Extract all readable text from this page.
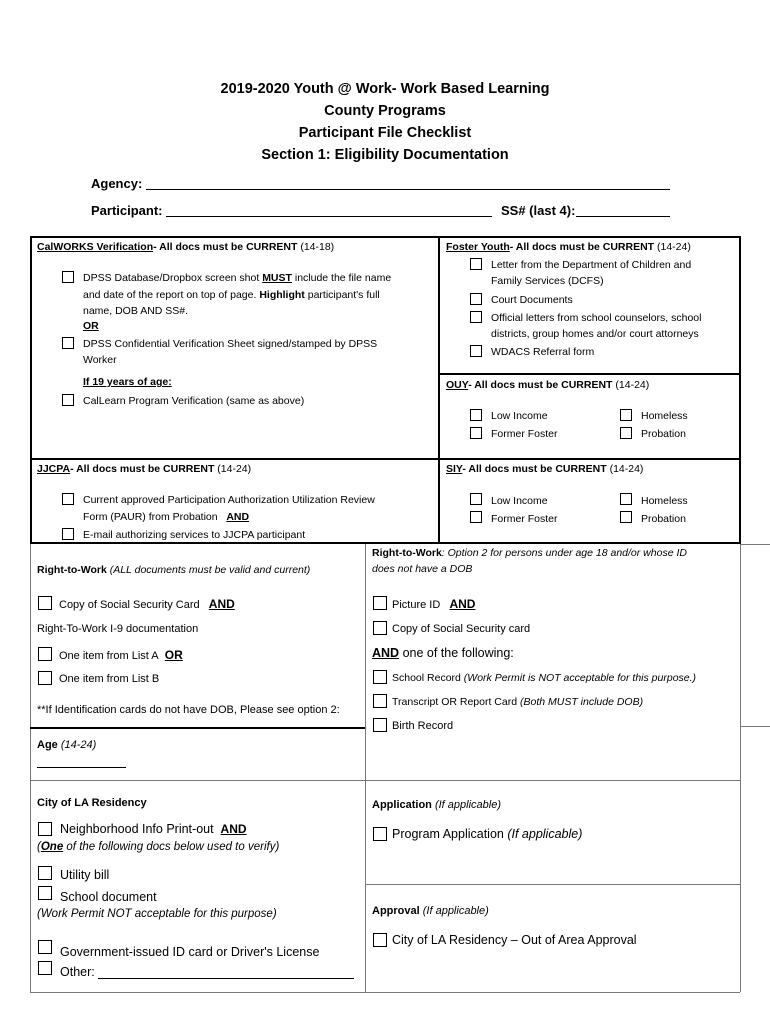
2019-2020 Youth @ Work- Work Based Learning
County Programs
Participant File Checklist
Section 1: Eligibility Documentation
Agency:
Participant:	SS# (last 4):
CalWORKS Verification- All docs must be CURRENT (14-18)
DPSS Database/Dropbox screen shot MUST include the file name
and date of the report on top of page. Highlight participant's full
name, DOB AND SS#.
OR
DPSS Confidential Verification Sheet signed/stamped by DPSS
Worker
If 19 years of age:
CalLearn Program Verification (same as above)
Foster Youth- All docs must be CURRENT (14-24)
Letter from the Department of Children and
Family Services (DCFS)
Court Documents
Official letters from school counselors, school
districts, group homes and/or court attorneys
WDACS Referral form
OUY- All docs must be CURRENT (14-24)
Low Income	Homeless
Former Foster	Probation
JJCPA- All docs must be CURRENT (14-24)
Current approved Participation Authorization Utilization Review
Form (PAUR) from Probation   AND
E-mail authorizing services to JJCPA participant
SIY- All docs must be CURRENT (14-24)
Low Income	Homeless
Former Foster	Probation
Right-to-Work (ALL documents must be valid and current)
Copy of Social Security Card AND
Right-To-Work I-9 documentation
One item from List A OR
One item from List B
**If Identification cards do not have DOB, Please see option 2:
Right-to-Work: Option 2 for persons under age 18 and/or whose ID
does not have a DOB
Picture ID AND
Copy of Social Security card
AND one of the following:
School Record (Work Permit is NOT acceptable for this purpose.)
Transcript OR Report Card (Both MUST include DOB)
Birth Record
Age (14-24)
City of LA Residency
Neighborhood Info Print-out AND
(One of the following docs below used to verify)
Utility bill
School document
(Work Permit NOT acceptable for this purpose)
Government-issued ID card or Driver's License
Other:
Application (If applicable)
Program Application (If applicable)
Approval (If applicable)
City of LA Residency – Out of Area Approval
